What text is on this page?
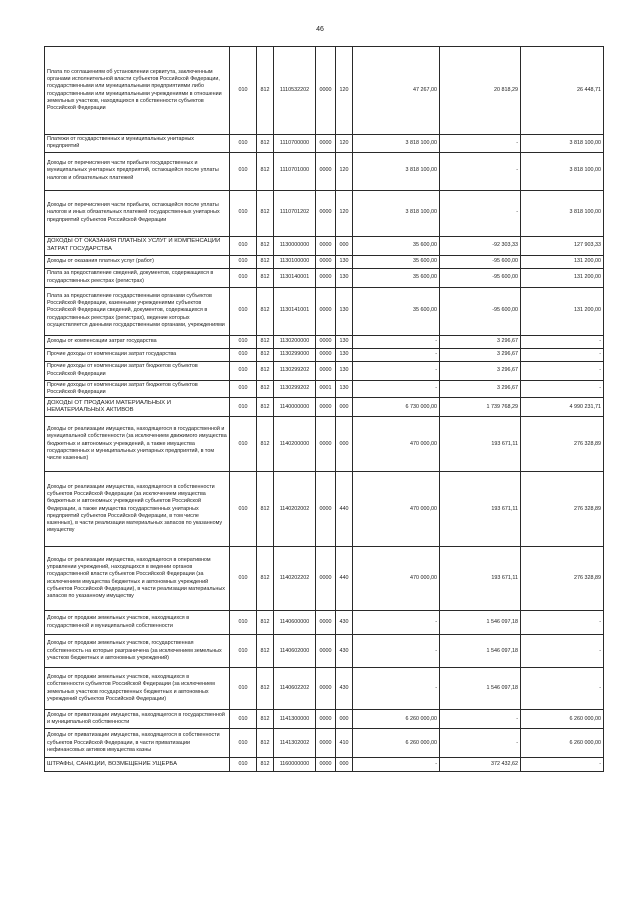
46
Плата по соглашениям об установлении сервитута, заключенным органами исполнительной власти субъектов Российской Федерации, государственными или муниципальными предприятиями либо государственными или муниципальными учреждениями в отношении земельных участков, находящихся в собственности субъектов Российской Федерации	010	812	1110532202	0000	120	47 267,00	20 818,29	26 448,71
Платежи от государственных и муниципальных унитарных предприятий	010	812	1110700000	0000	120	3 818 100,00	-	3 818 100,00
Доходы от перечисления части прибыли государственных и муниципальных унитарных предприятий, остающейся после уплаты налогов и обязательных платежей	010	812	1110701000	0000	120	3 818 100,00	-	3 818 100,00
Доходы от перечисления части прибыли, остающейся после уплаты налогов и иных обязательных платежей государственных унитарных предприятий субъектов Российской Федерации	010	812	1110701202	0000	120	3 818 100,00	-	3 818 100,00
ДОХОДЫ ОТ ОКАЗАНИЯ ПЛАТНЫХ УСЛУГ И КОМПЕНСАЦИИ ЗАТРАТ ГОСУДАРСТВА	010	812	1130000000	0000	000	35 600,00	-92 303,33	127 903,33
Доходы от оказания платных услуг (работ)	010	812	1130100000	0000	130	35 600,00	-95 600,00	131 200,00
Плата за предоставление сведений, документов, содержащихся в государственных реестрах (регистрах)	010	812	1130140001	0000	130	35 600,00	-95 600,00	131 200,00
Плата за предоставление государственными органами субъектов Российской Федерации, казенными учреждениями субъектов Российской Федерации сведений, документов, содержащихся в государственных реестрах (регистрах), ведение которых осуществляется данными государственными органами, учреждениями	010	812	1130141001	0000	130	35 600,00	-95 600,00	131 200,00
Доходы от компенсации затрат государства	010	812	1130200000	0000	130	-	3 296,67	-
Прочие доходы от компенсации затрат государства	010	812	1130299000	0000	130	-	3 296,67	-
Прочие доходы от компенсации затрат бюджетов субъектов Российской Федерации	010	812	1130299202	0000	130	-	3 296,67	-
Прочие доходы от компенсации затрат бюджетов субъектов Российской Федерации	010	812	1130299202	0001	130	-	3 296,67	-
ДОХОДЫ ОТ ПРОДАЖИ МАТЕРИАЛЬНЫХ И НЕМАТЕРИАЛЬНЫХ АКТИВОВ	010	812	1140000000	0000	000	6 730 000,00	1 739 768,29	4 990 231,71
Доходы от реализации имущества, находящегося в государственной и муниципальной собственности (за исключением движимого имущества бюджетных и автономных учреждений, а также имущества государственных и муниципальных унитарных предприятий, в том числе казенных)	010	812	1140200000	0000	000	470 000,00	193 671,11	276 328,89
Доходы от реализации имущества, находящегося в собственности субъектов Российской Федерации (за исключением имущества бюджетных и автономных учреждений субъектов Российской Федерации, а также имущества государственных унитарных предприятий субъектов Российской Федерации, в том числе казенных), в части реализации материальных запасов по указанному имуществу	010	812	1140202002	0000	440	470 000,00	193 671,11	276 328,89
Доходы от реализации имущества, находящегося в оперативном управлении учреждений, находящихся в ведении органов государственной власти субъектов Российской Федерации (за исключением имущества бюджетных и автономных учреждений субъектов Российской Федерации), в части реализации материальных запасов по указанному имуществу	010	812	1140202202	0000	440	470 000,00	193 671,11	276 328,89
Доходы от продажи земельных участков, находящихся в государственной и муниципальной собственности	010	812	1140600000	0000	430	-	1 546 097,18	-
Доходы от продажи земельных участков, государственная собственность на которые разграничена (за исключением земельных участков бюджетных и автономных учреждений)	010	812	1140602000	0000	430	-	1 546 097,18	-
Доходы от продажи земельных участков, находящихся в собственности субъектов Российской Федерации (за исключением земельных участков государственных бюджетных и автономных учреждений субъектов Российской Федерации)	010	812	1140602202	0000	430	-	1 546 097,18	-
Доходы от приватизации имущества, находящегося в государственной и муниципальной собственности	010	812	1141300000	0000	000	6 260 000,00	-	6 260 000,00
Доходы от приватизации имущества, находящегося в собственности субъектов Российской Федерации, в части приватизации нефинансовых активов имущества казны	010	812	1141302002	0000	410	6 260 000,00	-	6 260 000,00
ШТРАФЫ, САНКЦИИ, ВОЗМЕЩЕНИЕ УЩЕРБА	010	812	1160000000	0000	000	-	372 432,62	-
